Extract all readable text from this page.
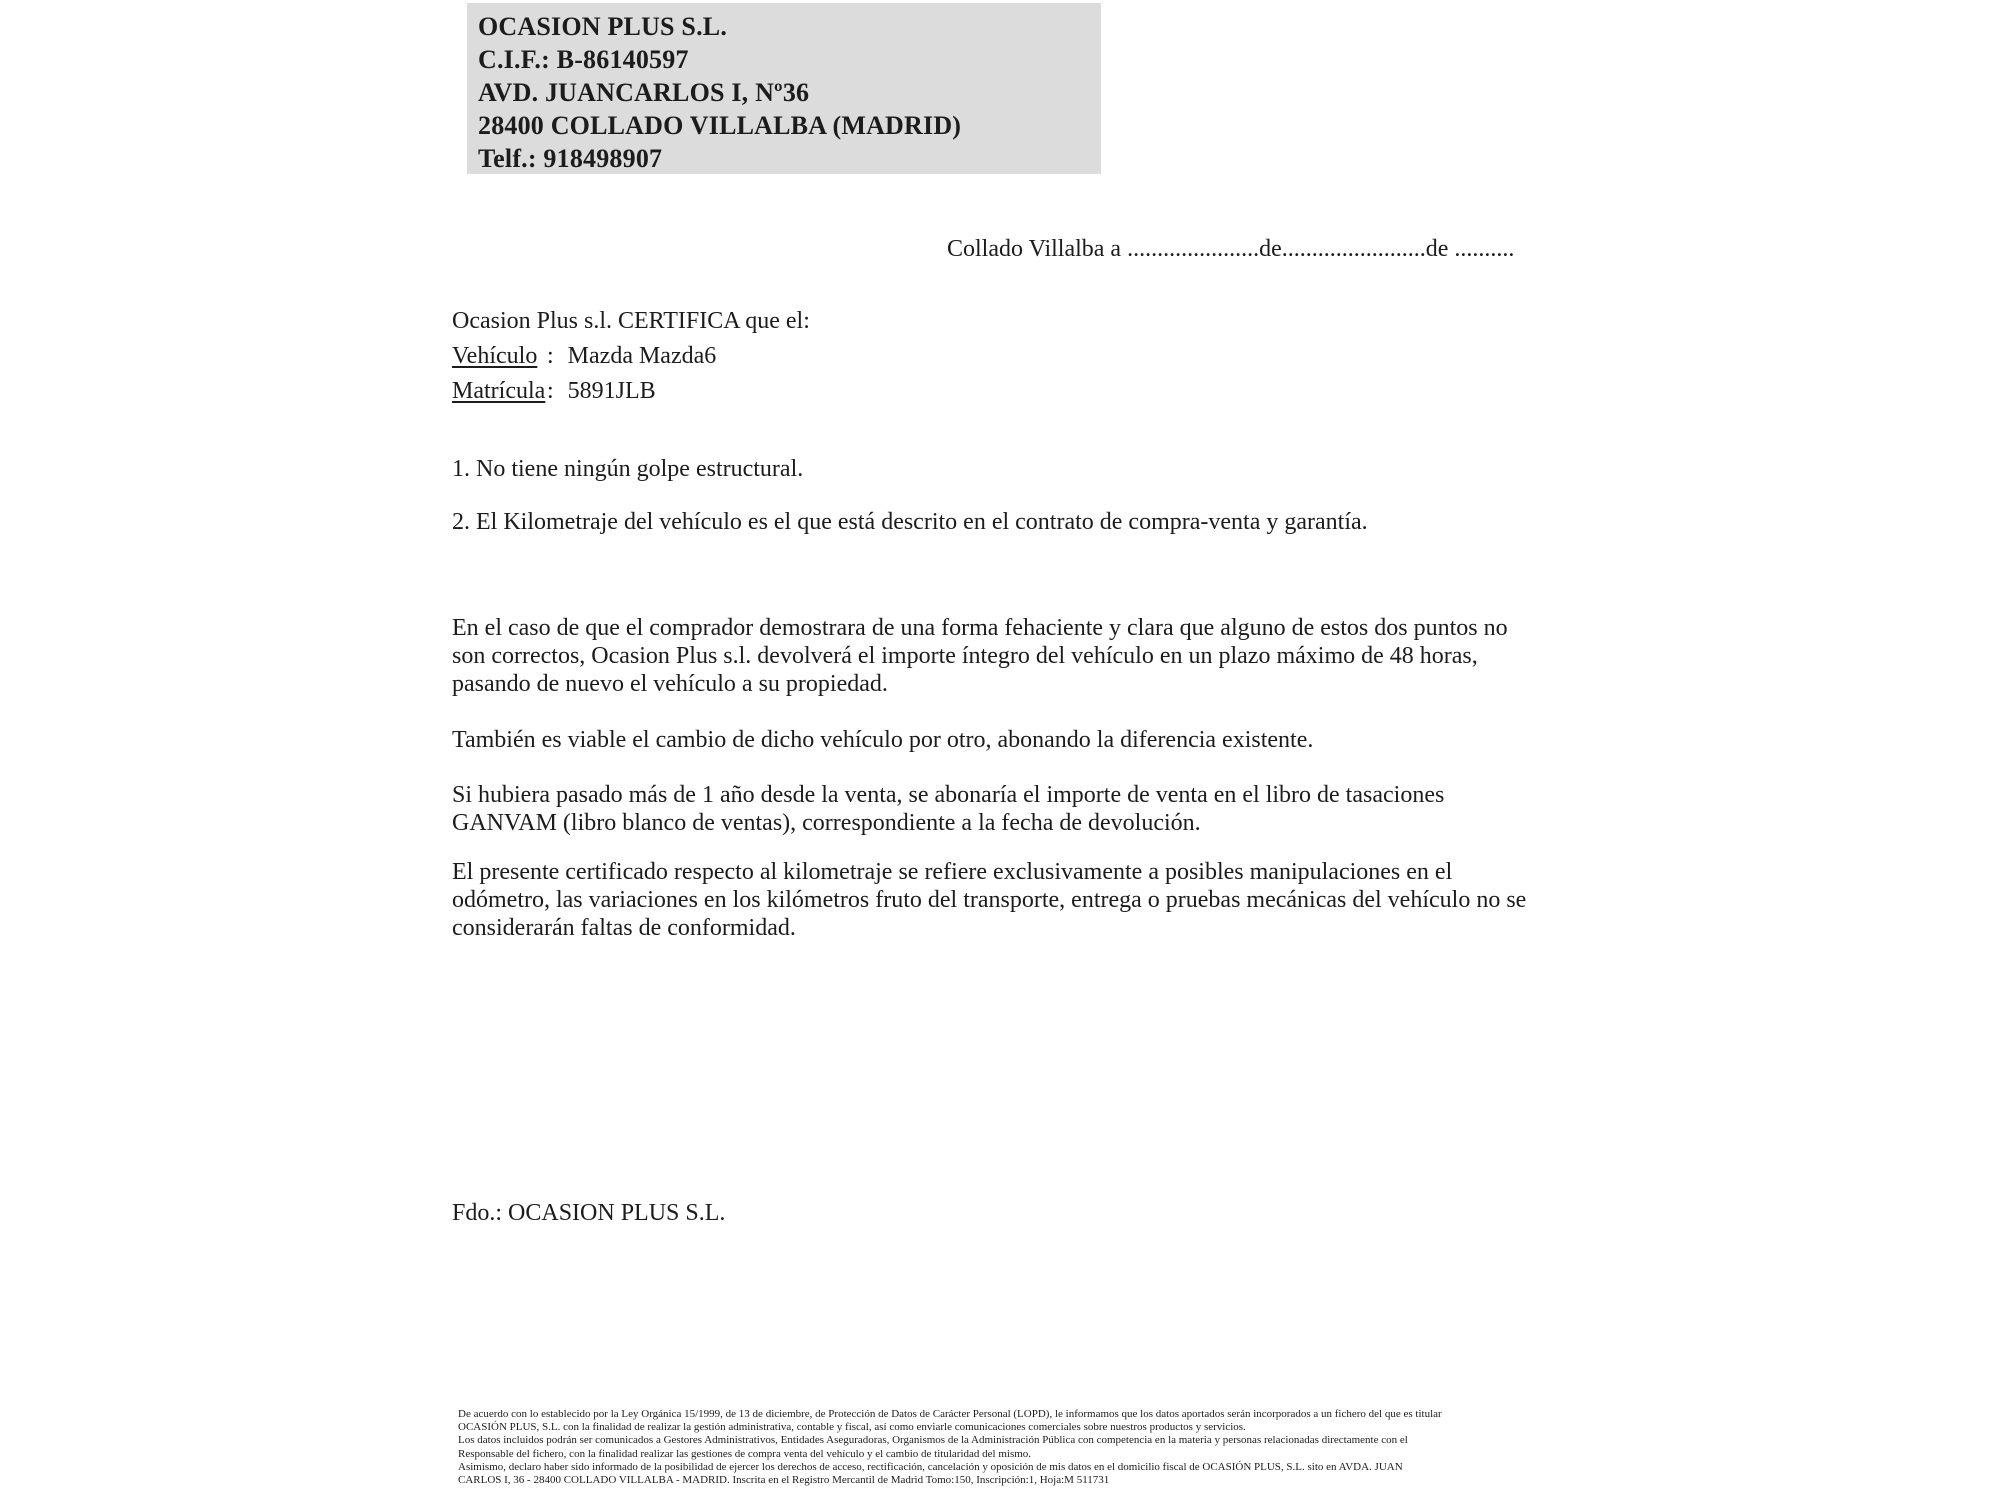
OCASION PLUS S.L.
C.I.F.: B-86140597
AVD. JUANCARLOS I, Nº36
28400 COLLADO VILLALBA (MADRID)
Telf.: 918498907
Collado Villalba a ......................de........................de ..........
Ocasion Plus s.l. CERTIFICA que el:
Vehículo : Mazda Mazda6
Matrícula: 5891JLB
1. No tiene ningún golpe estructural.
2. El Kilometraje del vehículo es el que está descrito en el contrato de compra-venta y garantía.
En el caso de que el comprador demostrara de una forma fehaciente y clara que alguno de estos dos puntos no son correctos, Ocasion Plus s.l. devolverá el importe íntegro del vehículo en un plazo máximo de 48 horas, pasando de nuevo el vehículo a su propiedad.
También es viable el cambio de dicho vehículo por otro, abonando la diferencia existente.
Si hubiera pasado más de 1 año desde la venta, se abonaría el importe de venta en el libro de tasaciones GANVAM (libro blanco de ventas), correspondiente a la fecha de devolución.
El presente certificado respecto al kilometraje se refiere exclusivamente a posibles manipulaciones en el odómetro, las variaciones en los kilómetros fruto del transporte, entrega o pruebas mecánicas del vehículo no se considerarán faltas de conformidad.
Fdo.: OCASION PLUS S.L.
De acuerdo con lo establecido por la Ley Orgánica 15/1999, de 13 de diciembre, de Protección de Datos de Carácter Personal (LOPD), le informamos que los datos aportados serán incorporados a un fichero del que es titular
OCASIÓN PLUS, S.L. con la finalidad de realizar la gestión administrativa, contable y fiscal, así como enviarle comunicaciones comerciales sobre nuestros productos y servicios.
Los datos incluidos podrán ser comunicados a Gestores Administrativos, Entidades Aseguradoras, Organismos de la Administración Pública con competencia en la materia y personas relacionadas directamente con el
Responsable del fichero, con la finalidad realizar las gestiones de compra venta del vehículo y el cambio de titularidad del mismo.
Asimismo, declaro haber sido informado de la posibilidad de ejercer los derechos de acceso, rectificación, cancelación y oposición de mis datos en el domicilio fiscal de OCASIÓN PLUS, S.L. sito en AVDA. JUAN
CARLOS I, 36 - 28400 COLLADO VILLALBA - MADRID. Inscrita en el Registro Mercantil de Madrid Tomo:150, Inscripción:1, Hoja:M 511731
